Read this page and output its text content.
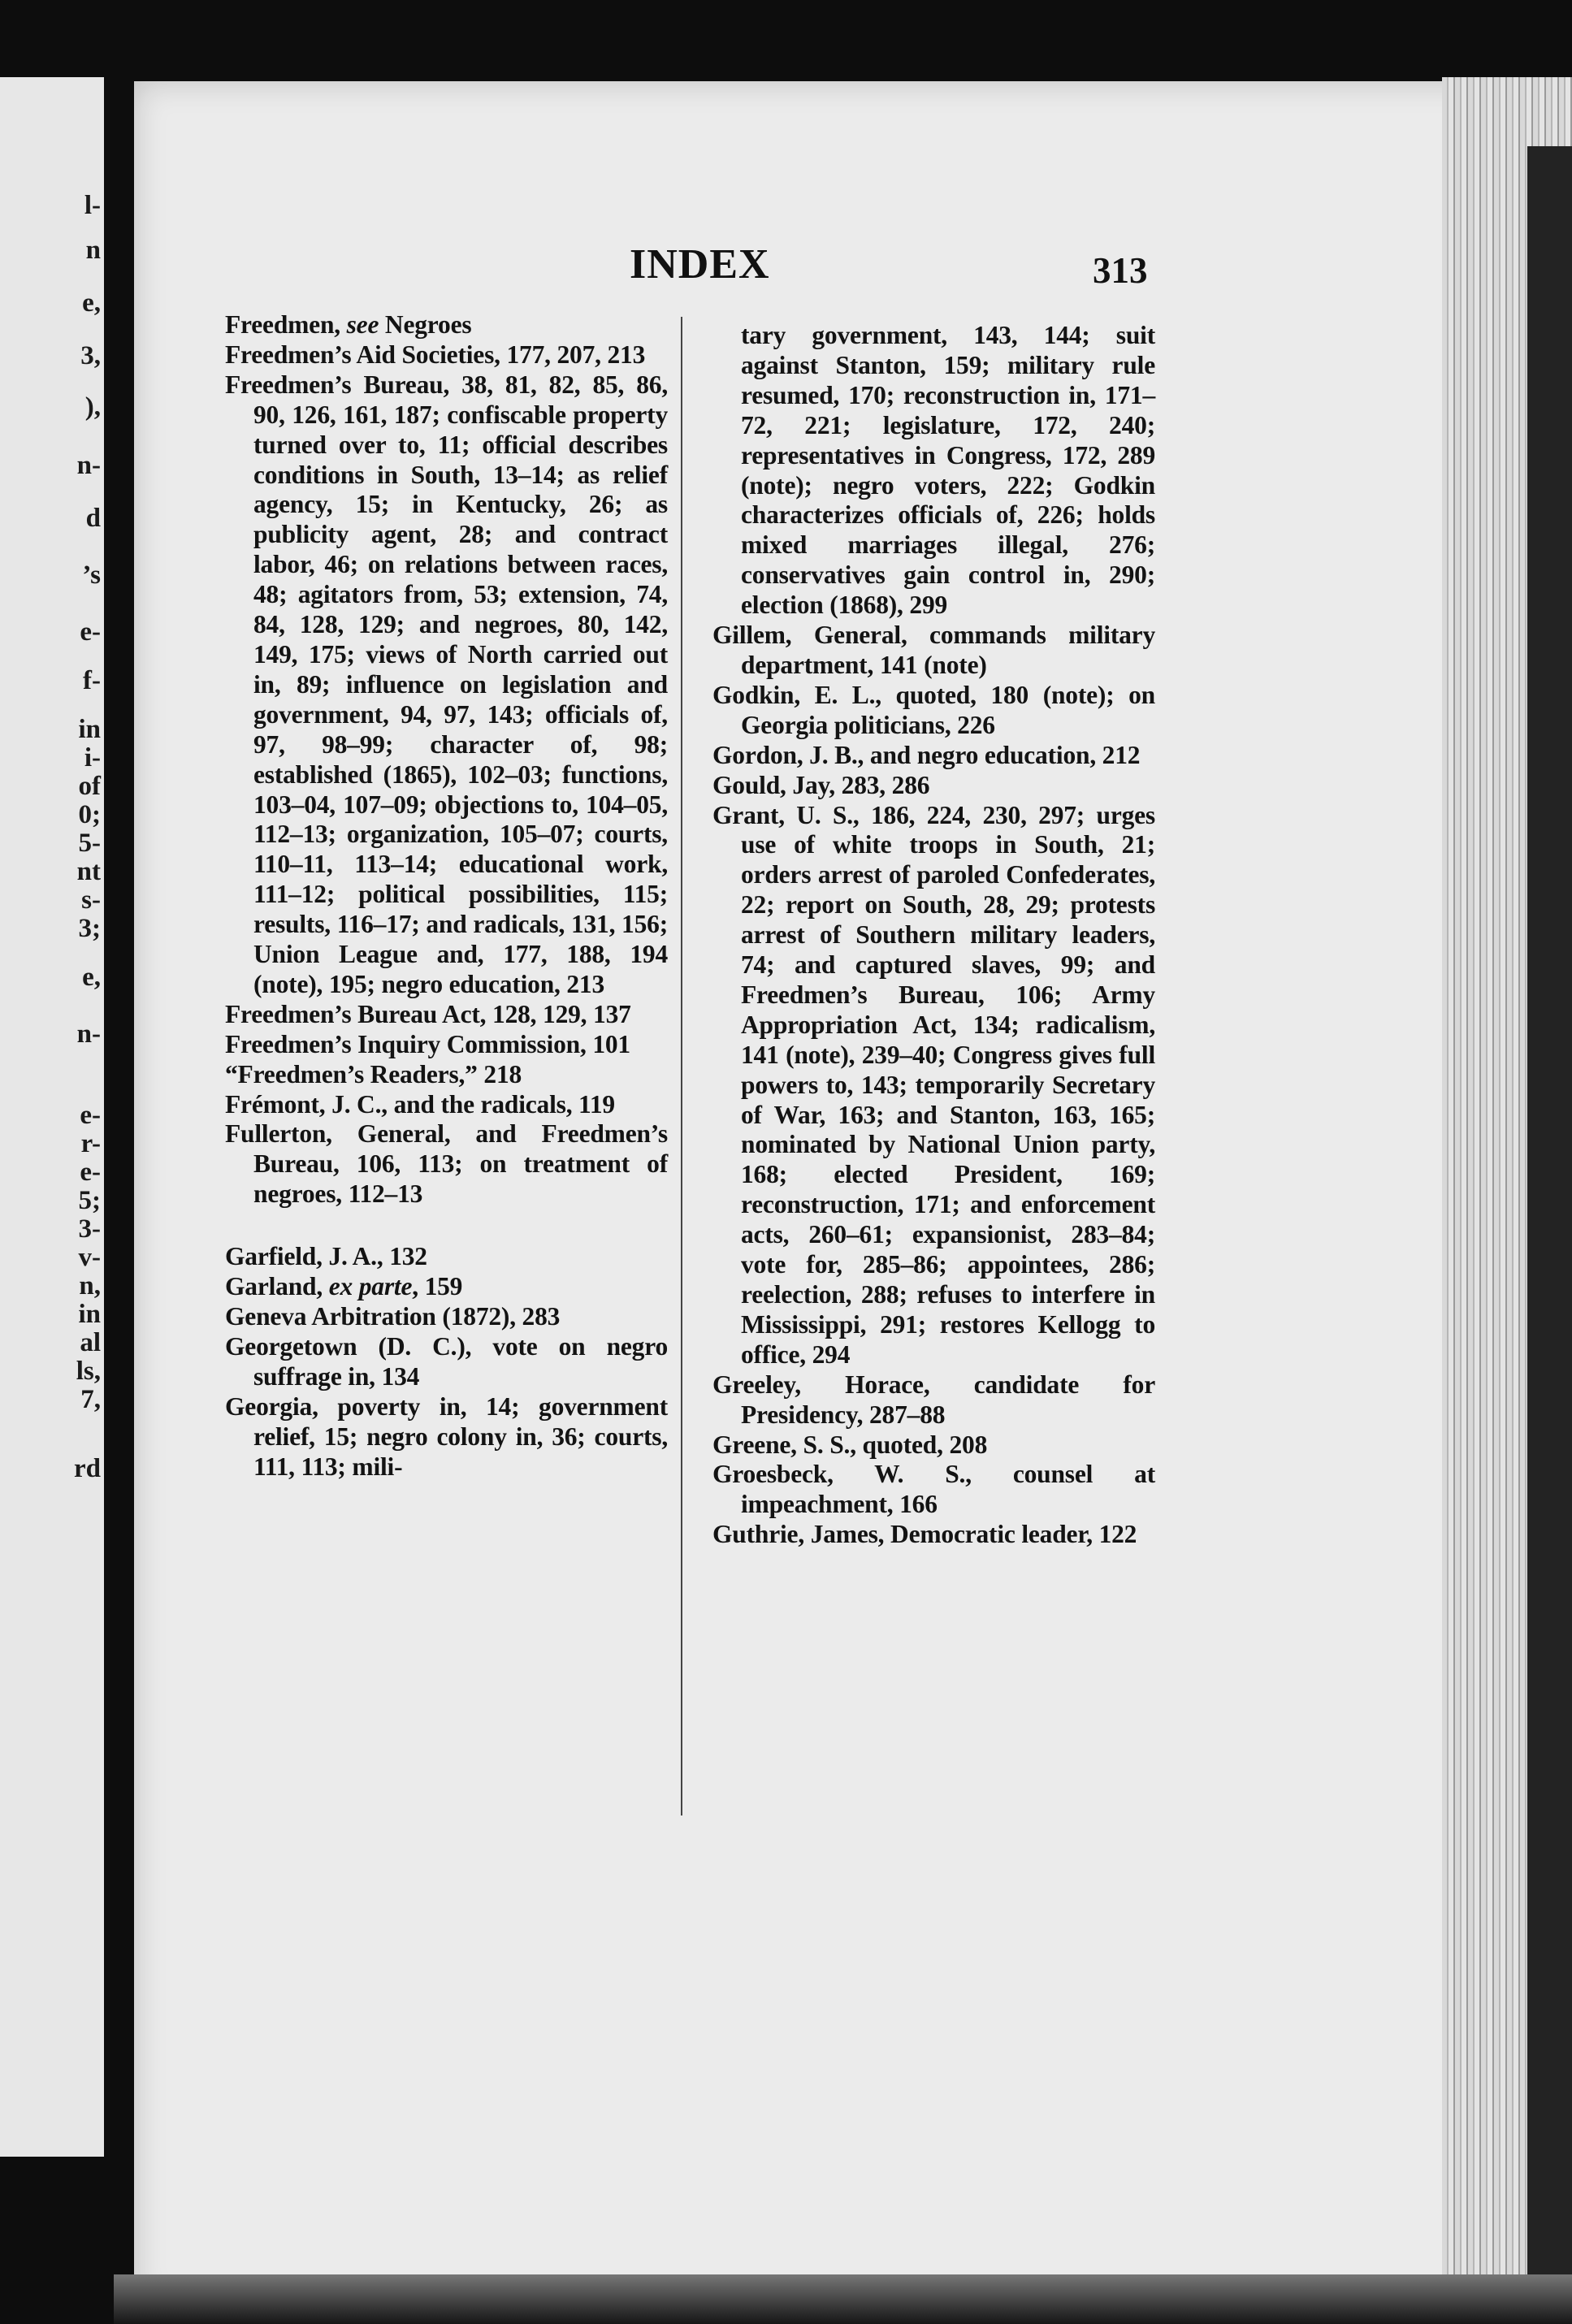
l-
n
e,
3,
),
n-
d
’s
e-
f-
in
i-
of
0;
5-
nt
s-
3;
e,
n-
e-
r-
e-
5;
3-
v-
n,
in
al
ls,
7,
rd
INDEX	313
Freedmen, see Negroes
Freedmen’s Aid Societies, 177, 207, 213
Freedmen’s Bureau, 38, 81, 82, 85, 86, 90, 126, 161, 187; confiscable property turned over to, 11; official describes conditions in South, 13–14; as relief agency, 15; in Kentucky, 26; as publicity agent, 28; and contract labor, 46; on relations between races, 48; agitators from, 53; extension, 74, 84, 128, 129; and negroes, 80, 142, 149, 175; views of North carried out in, 89; influence on legislation and government, 94, 97, 143; officials of, 97, 98–99; character of, 98; established (1865), 102–03; functions, 103–04, 107–09; objections to, 104–05, 112–13; organization, 105–07; courts, 110–11, 113–14; educational work, 111–12; political possibilities, 115; results, 116–17; and radicals, 131, 156; Union League and, 177, 188, 194 (note), 195; negro education, 213
Freedmen’s Bureau Act, 128, 129, 137
Freedmen’s Inquiry Commission, 101
“Freedmen’s Readers,” 218
Frémont, J. C., and the radicals, 119
Fullerton, General, and Freedmen’s Bureau, 106, 113; on treatment of negroes, 112–13
Garfield, J. A., 132
Garland, ex parte, 159
Geneva Arbitration (1872), 283
Georgetown (D. C.), vote on negro suffrage in, 134
Georgia, poverty in, 14; government relief, 15; negro colony in, 36; courts, 111, 113; mili-
tary government, 143, 144; suit against Stanton, 159; military rule resumed, 170; reconstruction in, 171–72, 221; legislature, 172, 240; representatives in Congress, 172, 289 (note); negro voters, 222; Godkin characterizes officials of, 226; holds mixed marriages illegal, 276; conservatives gain control in, 290; election (1868), 299
Gillem, General, commands military department, 141 (note)
Godkin, E. L., quoted, 180 (note); on Georgia politicians, 226
Gordon, J. B., and negro education, 212
Gould, Jay, 283, 286
Grant, U. S., 186, 224, 230, 297; urges use of white troops in South, 21; orders arrest of paroled Confederates, 22; report on South, 28, 29; protests arrest of Southern military leaders, 74; and captured slaves, 99; and Freedmen’s Bureau, 106; Army Appropriation Act, 134; radicalism, 141 (note), 239–40; Congress gives full powers to, 143; temporarily Secretary of War, 163; and Stanton, 163, 165; nominated by National Union party, 168; elected President, 169; reconstruction, 171; and enforcement acts, 260–61; expansionist, 283–84; vote for, 285–86; appointees, 286; reelection, 288; refuses to interfere in Mississippi, 291; restores Kellogg to office, 294
Greeley, Horace, candidate for Presidency, 287–88
Greene, S. S., quoted, 208
Groesbeck, W. S., counsel at impeachment, 166
Guthrie, James, Democratic leader, 122
